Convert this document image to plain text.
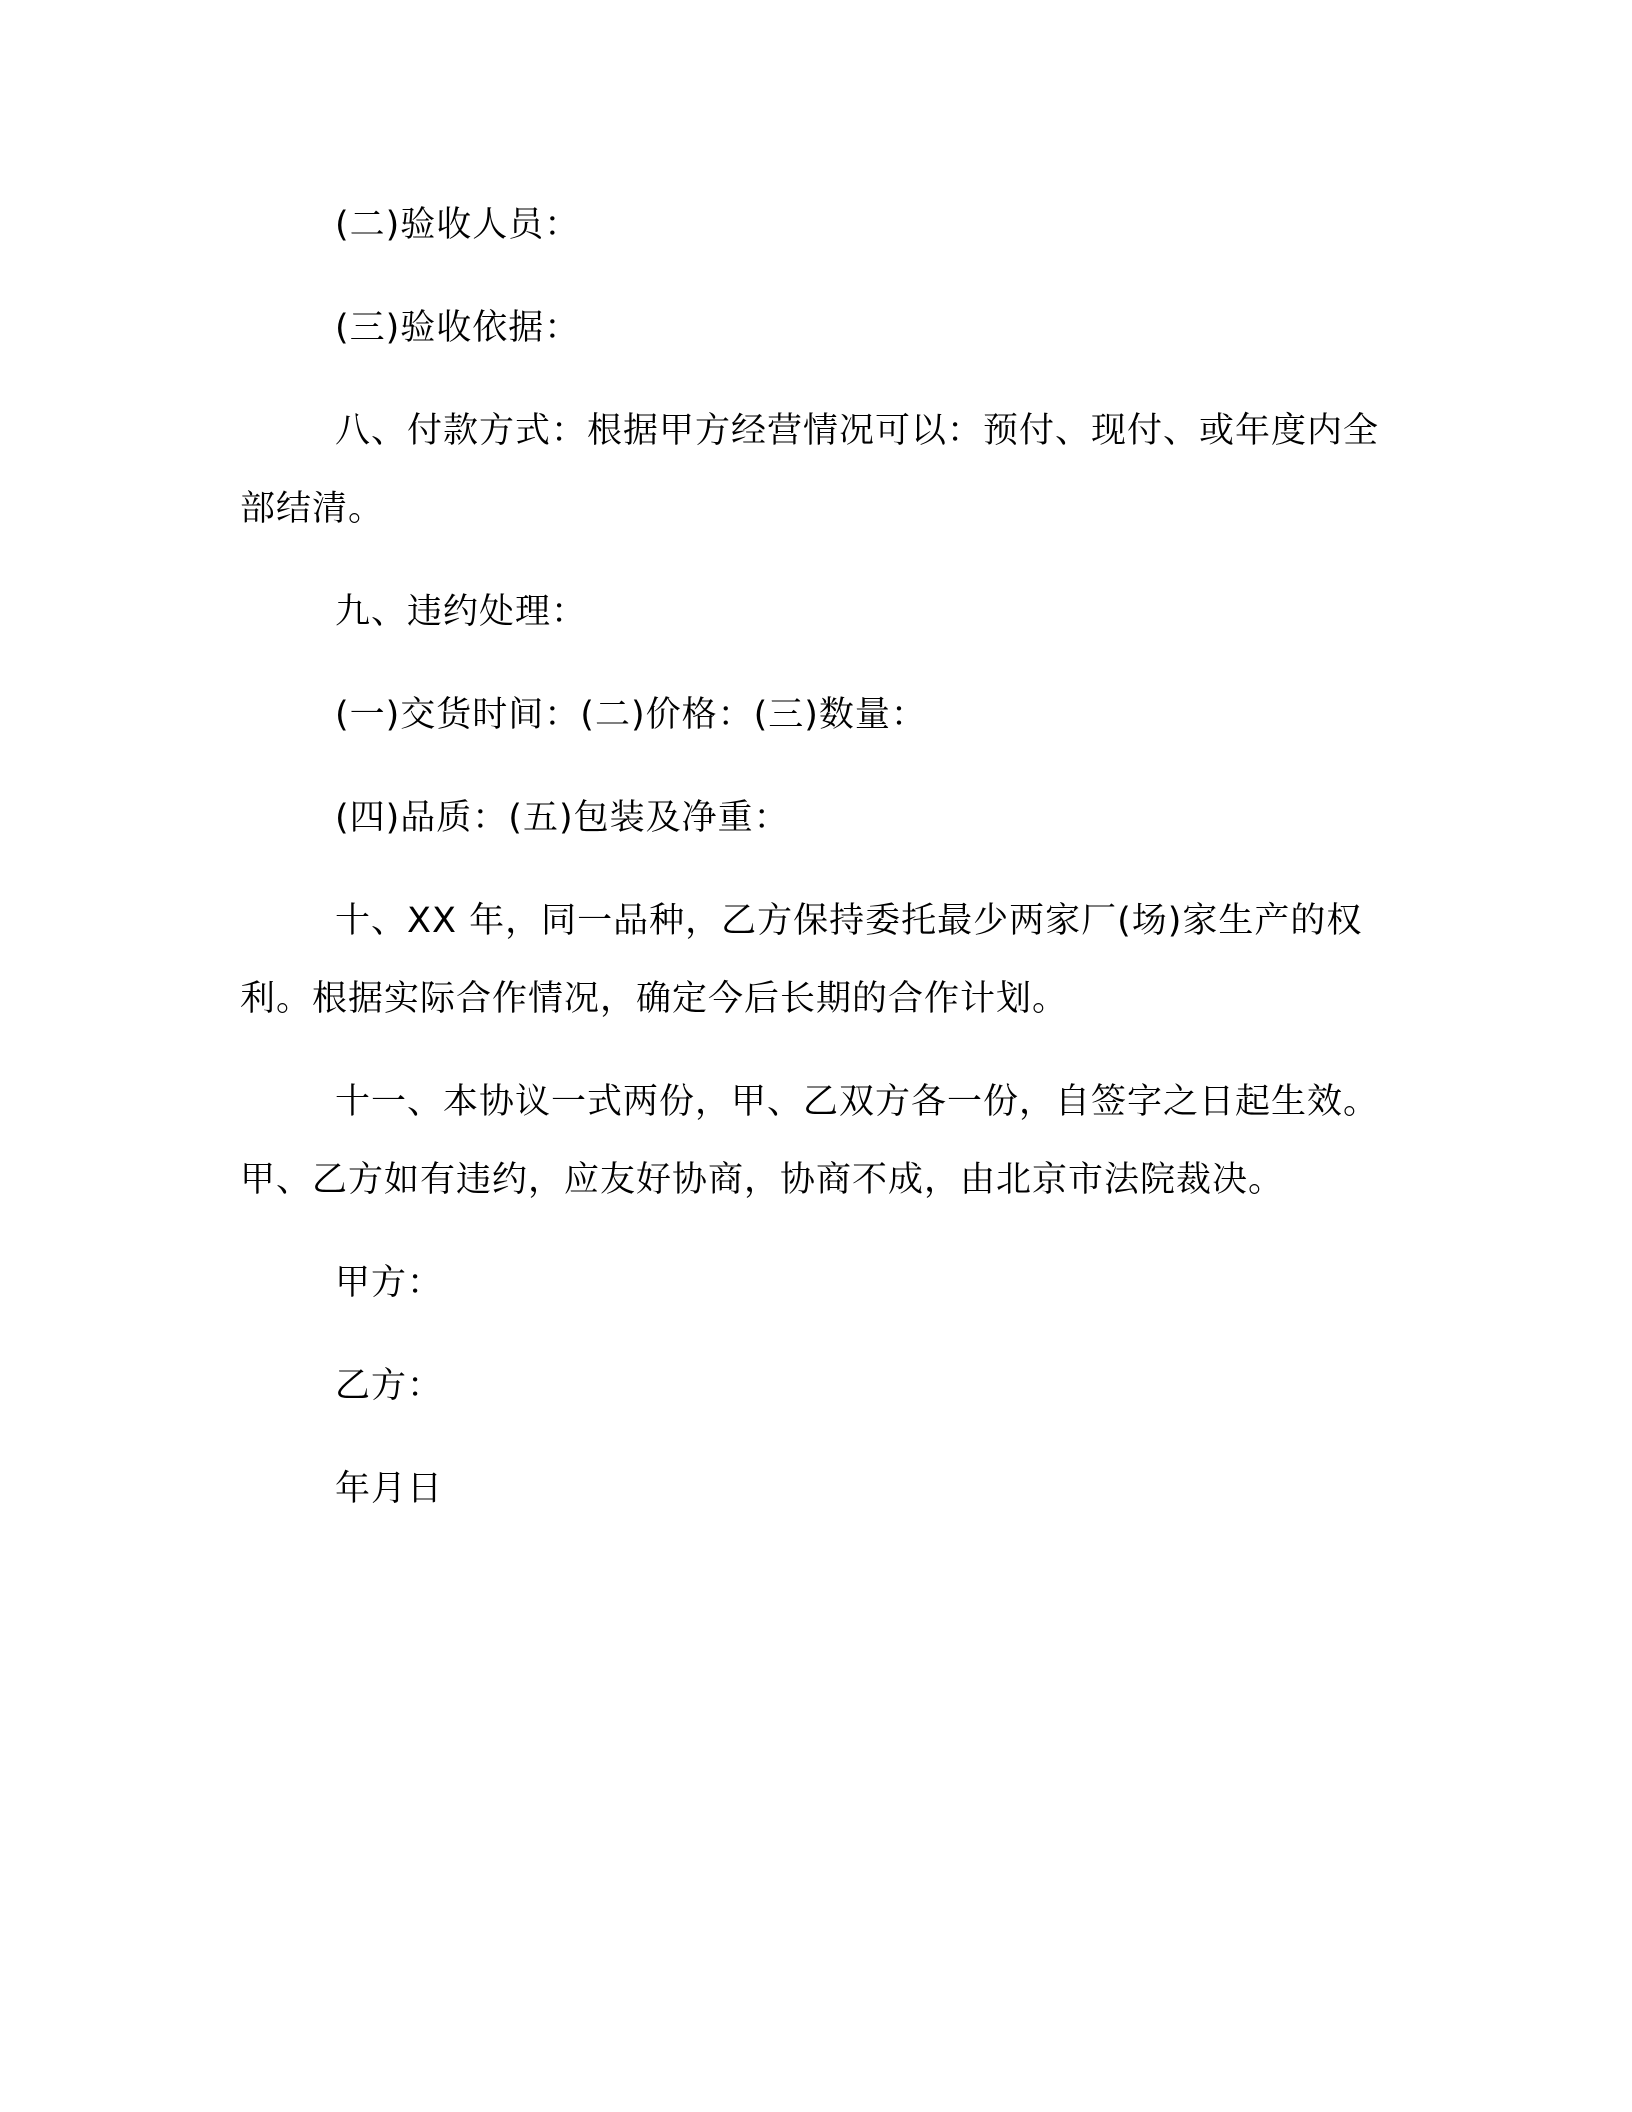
(二)验收人员：

(三)验收依据：

八、付款方式：根据甲方经营情况可以：预付、现付、或年度内全部结清。

九、违约处理：

(一)交货时间：(二)价格：(三)数量：

(四)品质：(五)包装及净重：

十、XX 年，同一品种，乙方保持委托最少两家厂(场)家生产的权利。根据实际合作情况，确定今后长期的合作计划。

十一、本协议一式两份，甲、乙双方各一份，自签字之日起生效。甲、乙方如有违约，应友好协商，协商不成，由北京市法院裁决。

甲方：

乙方：

年月日
